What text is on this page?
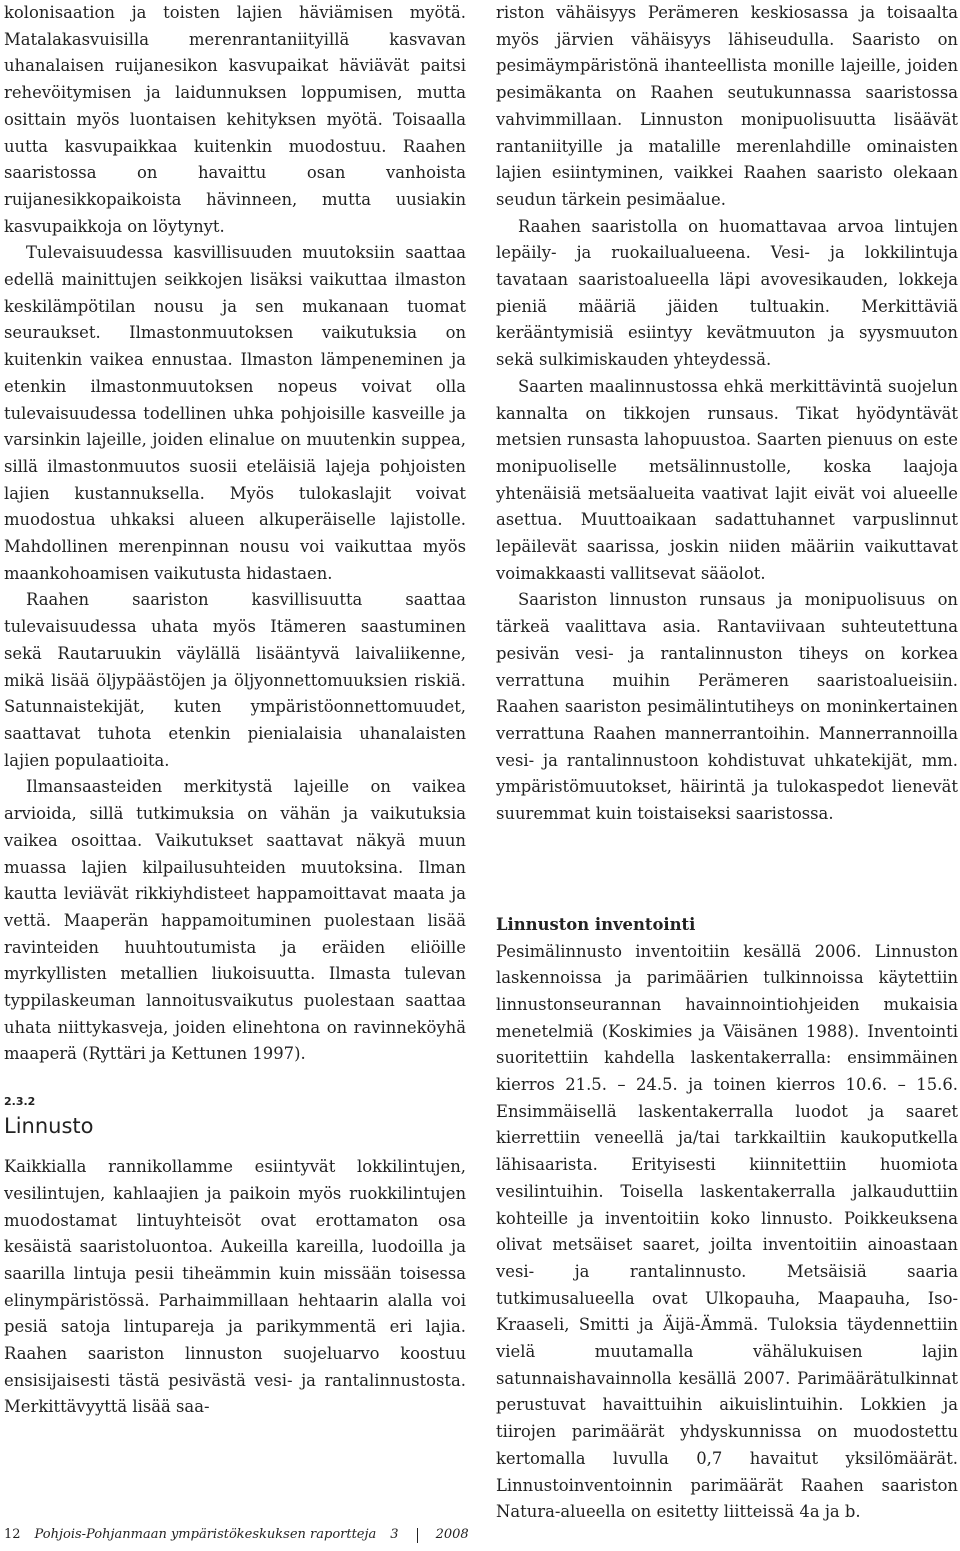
kolonisaation ja toisten lajien häviämisen myötä. Matalakasvuisilla merenrantaniityillä kasvavan uhanalaisen ruijanesikon kasvupaikat häviävät paitsi rehevöitymisen ja laidunnuksen loppumisen, mutta osittain myös luontaisen kehityksen myötä. Toisaalla uutta kasvupaikkaa kuitenkin muodostuu. Raahen saaristossa on havaittu osan vanhoista ruijanesikkopaikoista hävinneen, mutta uusiakin kasvupaikkoja on löytynyt.

Tulevaisuudessa kasvillisuuden muutoksiin saattaa edellä mainittujen seikkojen lisäksi vaikuttaa ilmaston keskilämpötilan nousu ja sen mukanaan tuomat seuraukset. Ilmastonmuutoksen vaikutuksia on kuitenkin vaikea ennustaa. Ilmaston lämpeneminen ja etenkin ilmastonmuutoksen nopeus voivat olla tulevaisuudessa todellinen uhka pohjoisille kasveille ja varsinkin lajeille, joiden elinalue on muutenkin suppea, sillä ilmastonmuutos suosii eteläisiä lajeja pohjoisten lajien kustannuksella. Myös tulokaslajit voivat muodostua uhkaksi alueen alkuperäiselle lajistolle. Mahdollinen merenpinnan nousu voi vaikuttaa myös maankohoamisen vaikutusta hidastaen.

Raahen saariston kasvillisuutta saattaa tulevaisuudessa uhata myös Itämeren saastuminen sekä Rautaruukin väylällä lisääntyvä laivaliikenne, mikä lisää öljypäästöjen ja öljyonnettomuuksien riskiä. Satunnaistekijät, kuten ympäristöonnettomuudet, saattavat tuhota etenkin pienialaisia uhanalaisten lajien populaatioita.

Ilmansaasteiden merkitystä lajeille on vaikea arvioida, sillä tutkimuksia on vähän ja vaikutuksia vaikea osoittaa. Vaikutukset saattavat näkyä muun muassa lajien kilpailusuhteiden muutoksina. Ilman kautta leviävät rikkiyhdisteet happamoittavat maata ja vettä. Maaperän happamoituminen puolestaan lisää ravinteiden huuhtoutumista ja eräiden eliöille myrkyllisten metallien liukoisuutta. Ilmasta tulevan typpilaskeuman lannoitusvaikutus puolestaan saattaa uhata niittykasveja, joiden elinehtona on ravinneköyhä maaperä (Ryttäri ja Kettunen 1997).

2.3.2
Linnusto

Kaikkialla rannikollamme esiintyvät lokkilintujen, vesilintujen, kahlaajien ja paikoin myös ruokkilintujen muodostamat lintuyhteisöt ovat erottamaton osa kesäistä saaristoluontoa. Aukeilla kareilla, luodoilla ja saarilla lintuja pesii tiheämmin kuin missään toisessa elinympäristössä. Parhaimmillaan hehtaarin alalla voi pesiä satoja lintupareja ja parikymmentä eri lajia. Raahen saariston linnuston suojeluarvo koostuu ensisijaisesti tästä pesivästä vesi- ja rantalinnustosta. Merkittävyyttä lisää saa-

riston vähäisyys Perämeren keskiosassa ja toisaalta myös järvien vähäisyys lähiseudulla. Saaristo on pesimäympäristönä ihanteellista monille lajeille, joiden pesimäkanta on Raahen seutukunnassa saaristossa vahvimmillaan. Linnuston monipuolisuutta lisäävät rantaniityille ja matalille merenlahdille ominaisten lajien esiintyminen, vaikkei Raahen saaristo olekaan seudun tärkein pesimäalue.

Raahen saaristolla on huomattavaa arvoa lintujen lepäily- ja ruokailualueena. Vesi- ja lokkilintuja tavataan saaristoalueella läpi avovesikauden, lokkeja pieniä määriä jäiden tultuakin. Merkittäviä kerääntymisiä esiintyy kevätmuuton ja syysmuuton sekä sulkimiskauden yhteydessä.

Saarten maalinnustossa ehkä merkittävintä suojelun kannalta on tikkojen runsaus. Tikat hyödyntävät metsien runsasta lahopuustoa. Saarten pienuus on este monipuoliselle metsälinnustolle, koska laajoja yhtenäisiä metsäalueita vaativat lajit eivät voi alueelle asettua. Muuttoaikaan sadattuhannet varpuslinnut lepäilevät saarissa, joskin niiden määriin vaikuttavat voimakkaasti vallitsevat sääolot.

Saariston linnuston runsaus ja monipuolisuus on tärkeä vaalittava asia. Rantaviivaan suhteutettuna pesivän vesi- ja rantalinnuston tiheys on korkea verrattuna muihin Perämeren saaristoalueisiin. Raahen saariston pesimälintutiheys on moninkertainen verrattuna Raahen mannerrantoihin. Mannerrannoilla vesi- ja rantalinnustoon kohdistuvat uhkatekijät, mm. ympäristömuutokset, häirintä ja tulokaspedot lienevät suuremmat kuin toistaiseksi saaristossa.

Linnuston inventointi

Pesimälinnusto inventoitiin kesällä 2006. Linnuston laskennoissa ja parimäärien tulkinnoissa käytettiin linnustonseurannan havainnointiohjeiden mukaisia menetelmiä (Koskimies ja Väisänen 1988). Inventointi suoritettiin kahdella laskentakerralla: ensimmäinen kierros 21.5. – 24.5. ja toinen kierros 10.6. – 15.6. Ensimmäisellä laskentakerralla luodot ja saaret kierrettiin veneellä ja/tai tarkkailtiin kaukoputkella lähisaarista. Erityisesti kiinnitettiin huomiota vesilintuihin. Toisella laskentakerralla jalkauduttiin kohteille ja inventoitiin koko linnusto. Poikkeuksena olivat metsäiset saaret, joilta inventoitiin ainoastaan vesi- ja rantalinnusto. Metsäisiä saaria tutkimusalueella ovat Ulkopauha, Maapauha, Iso-Kraaseli, Smitti ja Äijä-Ämmä. Tuloksia täydennettiin vielä muutamalla vähälukuisen lajin satunnaishavainnolla kesällä 2007. Parimäärätulkinnat perustuvat havaittuihin aikuislintuihin. Lokkien ja tiirojen parimäärät yhdyskunnissa on muodostettu kertomalla luvulla 0,7 havaitut yksilömäärät. Linnustoinventoinnin parimäärät Raahen saariston Natura-alueella on esitetty liitteissä 4a ja b.

12 Pohjois-Pohjanmaan ympäristökeskuksen raportteja 3	2008
